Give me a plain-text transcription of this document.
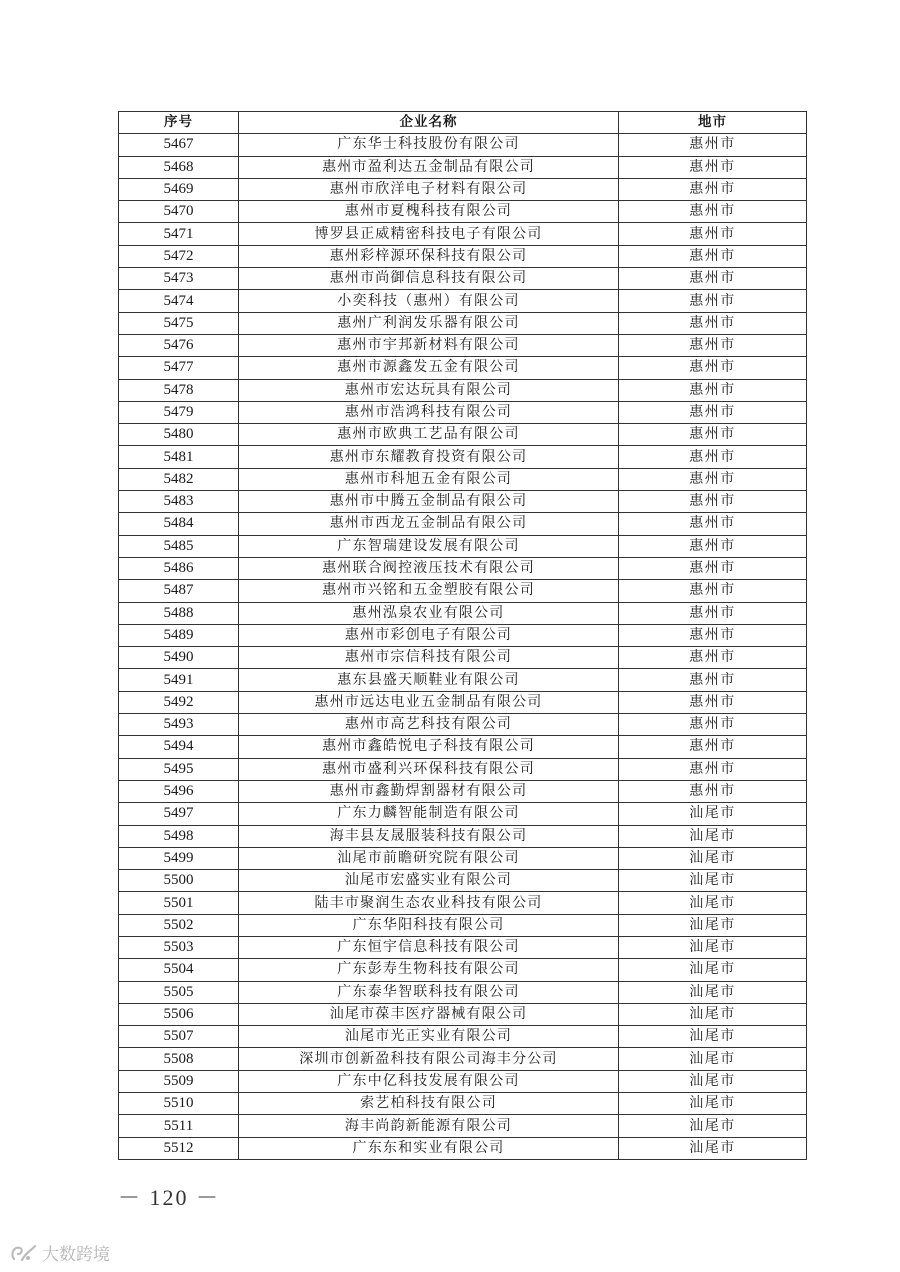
序号	企业名称	地市
5467	广东华士科技股份有限公司	惠州市
5468	惠州市盈利达五金制品有限公司	惠州市
5469	惠州市欣洋电子材料有限公司	惠州市
5470	惠州市夏槐科技有限公司	惠州市
5471	博罗县正威精密科技电子有限公司	惠州市
5472	惠州彩梓源环保科技有限公司	惠州市
5473	惠州市尚御信息科技有限公司	惠州市
5474	小奕科技（惠州）有限公司	惠州市
5475	惠州广利润发乐器有限公司	惠州市
5476	惠州市宇邦新材料有限公司	惠州市
5477	惠州市源鑫发五金有限公司	惠州市
5478	惠州市宏达玩具有限公司	惠州市
5479	惠州市浩鸿科技有限公司	惠州市
5480	惠州市欧典工艺品有限公司	惠州市
5481	惠州市东耀教育投资有限公司	惠州市
5482	惠州市科旭五金有限公司	惠州市
5483	惠州市中腾五金制品有限公司	惠州市
5484	惠州市西龙五金制品有限公司	惠州市
5485	广东智瑞建设发展有限公司	惠州市
5486	惠州联合阀控液压技术有限公司	惠州市
5487	惠州市兴铭和五金塑胶有限公司	惠州市
5488	惠州泓泉农业有限公司	惠州市
5489	惠州市彩创电子有限公司	惠州市
5490	惠州市宗信科技有限公司	惠州市
5491	惠东县盛天顺鞋业有限公司	惠州市
5492	惠州市远达电业五金制品有限公司	惠州市
5493	惠州市高艺科技有限公司	惠州市
5494	惠州市鑫皓悦电子科技有限公司	惠州市
5495	惠州市盛利兴环保科技有限公司	惠州市
5496	惠州市鑫勤焊割器材有限公司	惠州市
5497	广东力麟智能制造有限公司	汕尾市
5498	海丰县友晟服装科技有限公司	汕尾市
5499	汕尾市前瞻研究院有限公司	汕尾市
5500	汕尾市宏盛实业有限公司	汕尾市
5501	陆丰市聚润生态农业科技有限公司	汕尾市
5502	广东华阳科技有限公司	汕尾市
5503	广东恒宇信息科技有限公司	汕尾市
5504	广东彭寿生物科技有限公司	汕尾市
5505	广东泰华智联科技有限公司	汕尾市
5506	汕尾市葆丰医疗器械有限公司	汕尾市
5507	汕尾市光正实业有限公司	汕尾市
5508	深圳市创新盈科技有限公司海丰分公司	汕尾市
5509	广东中亿科技发展有限公司	汕尾市
5510	索艺柏科技有限公司	汕尾市
5511	海丰尚韵新能源有限公司	汕尾市
5512	广东东和实业有限公司	汕尾市
－ 120 －
大数跨境
